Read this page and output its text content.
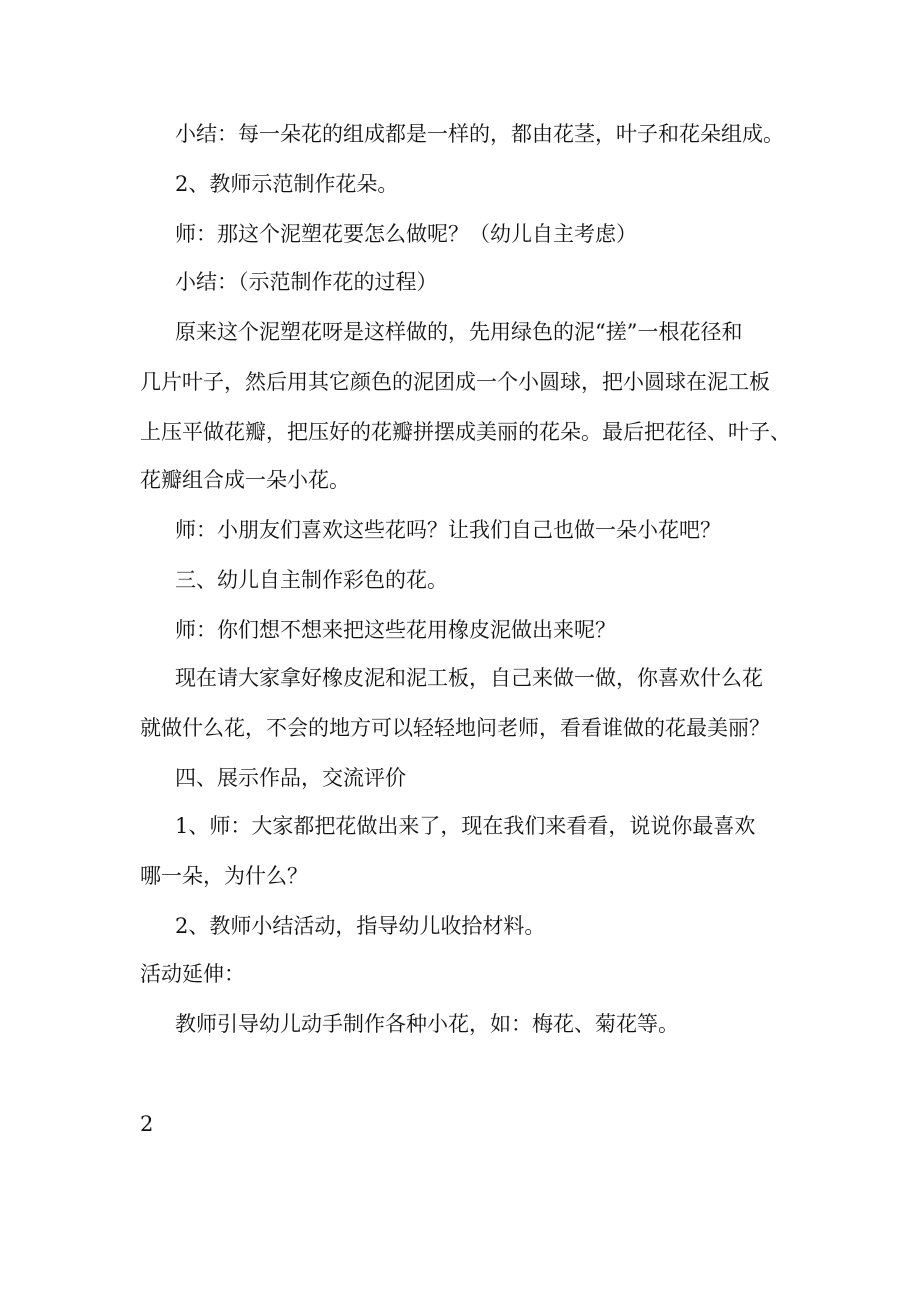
小结：每一朵花的组成都是一样的，都由花茎，叶子和花朵组成。
2、教师示范制作花朵。
师：那这个泥塑花要怎么做呢？（幼儿自主考虑）
小结：（示范制作花的过程）
原来这个泥塑花呀是这样做的，先用绿色的泥“搓”一根花径和
几片叶子，然后用其它颜色的泥团成一个小圆球，把小圆球在泥工板
上压平做花瓣，把压好的花瓣拼摆成美丽的花朵。最后把花径、叶子、
花瓣组合成一朵小花。
师：小朋友们喜欢这些花吗？让我们自己也做一朵小花吧？
三、幼儿自主制作彩色的花。
师：你们想不想来把这些花用橡皮泥做出来呢？
现在请大家拿好橡皮泥和泥工板，自己来做一做，你喜欢什么花
就做什么花，不会的地方可以轻轻地问老师，看看谁做的花最美丽？
四、展示作品，交流评价
1、师：大家都把花做出来了，现在我们来看看，说说你最喜欢
哪一朵，为什么？
2、教师小结活动，指导幼儿收拾材料。
活动延伸：
教师引导幼儿动手制作各种小花，如：梅花、菊花等。
2
